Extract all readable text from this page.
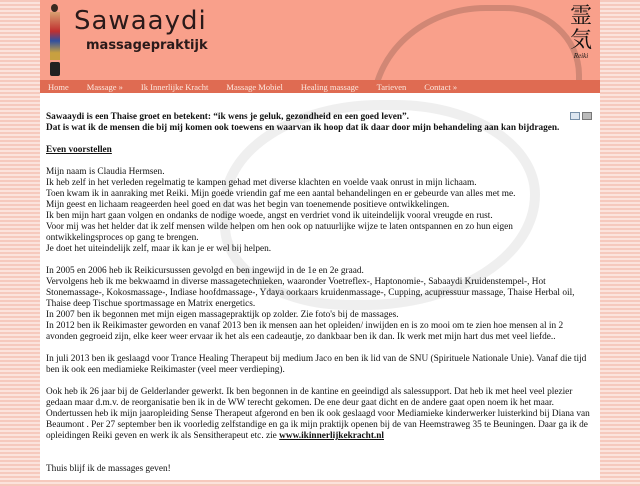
Sawaaydi
massagepraktijk
霊気
Reiki
Home Massage » Ik Innerlijke Kracht Massage Mobiel Healing massage Tarieven Contact »

Sawaaydi is een Thaise groet en betekent: “ik wens je geluk, gezondheid en een goed leven”.
Dat is wat ik de mensen die bij mij komen ook toewens en waarvan ik hoop dat ik daar door mijn behandeling aan kan bijdragen.

Even voorstellen

Mijn naam is Claudia Hermsen.
Ik heb zelf in het verleden regelmatig te kampen gehad met diverse klachten en voelde vaak onrust in mijn lichaam.
Toen kwam ik in aanraking met Reiki. Mijn goede vriendin gaf me een aantal behandelingen en er gebeurde van alles met me.
Mijn geest en lichaam reageerden heel goed en dat was het begin van toenemende positieve ontwikkelingen.
Ik ben mijn hart gaan volgen en ondanks de nodige woede, angst en verdriet vond ik uiteindelijk vooral vreugde en rust.
Voor mij was het helder dat ik zelf mensen wilde helpen om hen ook op natuurlijke wijze te laten ontspannen en zo hun eigen ontwikkelingsproces op gang te brengen.
Je doet het uiteindelijk zelf, maar ik kan je er wel bij helpen.

In 2005 en 2006 heb ik Reikicursussen gevolgd en ben ingewijd in de 1e en 2e graad.
Vervolgens heb ik me bekwaamd in diverse massagetechnieken, waaronder Voetreflex-, Haptonomie-, Sabaaydi Kruidenstempel-, Hot Stonemassage-, Kokosmassage-, Indiase hoofdmassage-, Ydaya oorkaars kruidenmassage-, Cupping, acupressuur massage, Thaise Herbal oil, Thaise deep Tischue sportmassage en Matrix energetics.
In 2007 ben ik begonnen met mijn eigen massagepraktijk op zolder. Zie foto's bij de massages.
In 2012 ben ik Reikimaster geworden en vanaf 2013 ben ik mensen aan het opleiden/ inwijden en is zo mooi om te zien hoe mensen al in 2 avonden gegroeid zijn, elke keer weer ervaar ik het als een cadeautje, zo dankbaar ben ik dan. Ik werk met mijn hart dus met veel liefde..

In juli 2013 ben ik geslaagd voor Trance Healing Therapeut bij medium Jaco en ben ik lid van de SNU (Spirituele Nationale Unie). Vanaf die tijd ben ik ook een mediamieke Reikimaster (veel meer verdieping).

Ook heb ik 26 jaar bij de Gelderlander gewerkt. Ik ben begonnen in de kantine en geeindigd als salessupport. Dat heb ik met heel veel plezier gedaan maar d.m.v. de reorganisatie ben ik in de WW terecht gekomen. De ene deur gaat dicht en de andere gaat open noem ik het maar. Ondertussen heb ik mijn jaaropleiding Sense Therapeut afgerond en ben ik ook geslaagd voor Mediamieke kinderwerker luisterkind bij Diana van Beaumont . Per 27 september ben ik voorledig zelfstandige en ga ik mijn praktijk openen bij de van Heemstraweg 35 te Beuningen. Daar ga ik de opleidingen Reiki geven en werk ik als Sensitherapeut etc. zie www.ikinnerlijkekracht.nl

Thuis blijf ik de massages geven!
